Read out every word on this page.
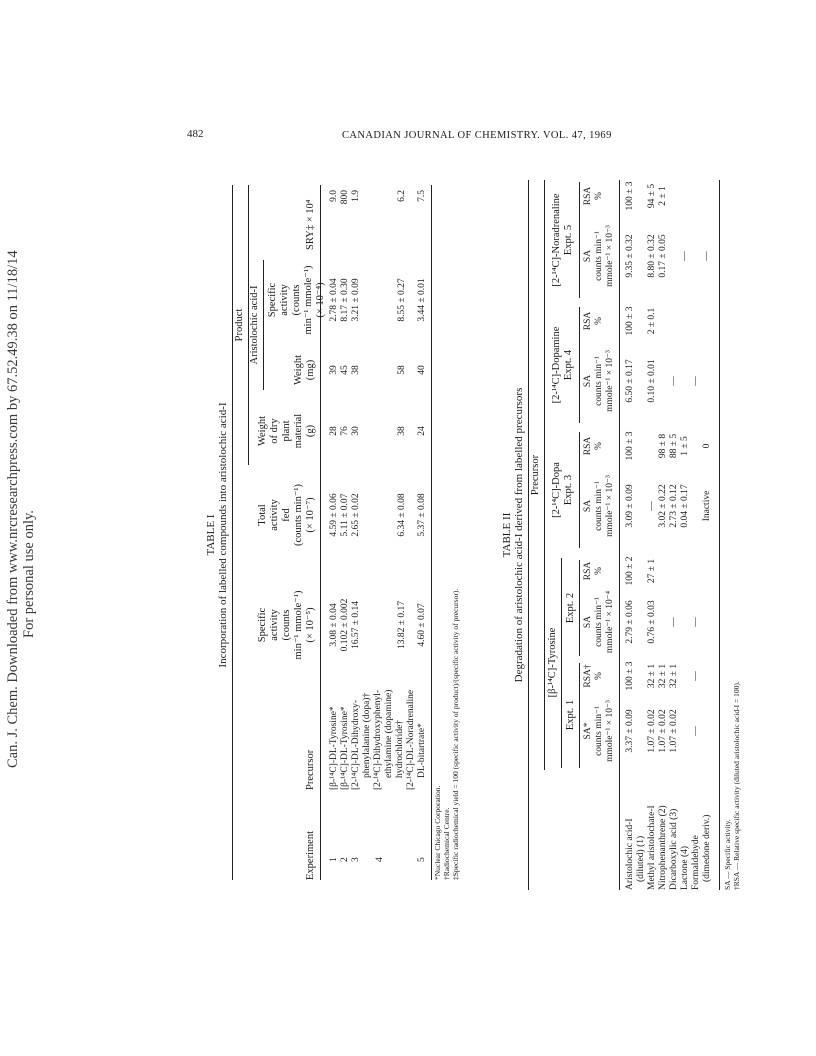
Can. J. Chem. Downloaded from www.nrcresearchpress.com by 67.52.49.38 on 11/18/14 For personal use only.
482	CANADIAN JOURNAL OF CHEMISTRY. VOL. 47, 1969
TABLE I Incorporation of labelled compounds into aristolochic acid-I
Product Aristolochic acid-I
Experiment
Precursor
Specific activity (counts min⁻¹ mmole⁻¹) (× 10⁻⁵)
Total activity fed (counts min⁻¹) (× 10⁻⁷)
Weight of dry plant material (g)
Weight (mg)
Specific activity (counts min⁻¹ mmole⁻¹) (× 10⁻⁴)
SRY‡ × 10⁴
1
[β-¹⁴C]-DL-Tyrosine*
3.08 ± 0.04
4.59 ± 0.06
28
39
2.78 ± 0.04
9.0
2
[β-¹⁴C]-DL-Tyrosine*
0.102 ± 0.002
5.11 ± 0.07
76
45
8.17 ± 0.30
800
3
[2-¹⁴C]-DL-Dihydroxy- phenylalanine (dopa)†
16.57 ± 0.14
2.65 ± 0.02
30
38
3.21 ± 0.09
1.9
4
[2-¹⁴C]-Dihydroxyphenyl- ethylamine (dopamine) hydrochloride†
13.82 ± 0.17
6.34 ± 0.08
38
58
8.55 ± 0.27
6.2
5
[2-¹⁴C]-DL-Noradrenaline DL-bitartrate*
4.60 ± 0.07
5.37 ± 0.08
24
40
3.44 ± 0.01
7.5
*Nuclear Chicago Corporation. †Radiochemical Centre. ‡Specific radiochemical yield = 100 (specific activity of product)/(specific activity of precursor).
TABLE II Degradation of aristolochic acid-I derived from labelled precursors Precursor
[β-¹⁴C]-Tyrosine
Expt. 1
Expt. 2
[2-¹⁴C]-Dopa Expt. 3
[2-¹⁴C]-Dopamine Expt. 4
[2-¹⁴C]-Noradrenaline Expt. 5
SA* counts min⁻¹ mmole⁻¹ × 10⁻³
RSA† %
SA counts min⁻¹ mmole⁻¹ × 10⁻⁴
RSA %
SA counts min⁻¹ mmole⁻¹ × 10⁻³
RSA %
SA counts min⁻¹ mmole⁻¹ × 10⁻³
RSA %
SA counts min⁻¹ mmole⁻¹ × 10⁻³
RSA %
Aristolochic acid-I (diluted) (1) Methyl aristolochate-I Nitrophenanthrene (2) Dicarboxylic acid (3) Lactone (4) Formaldehyde (dimedone deriv.)
3.37 ± 0.09
1.07 ± 0.02 1.07 ± 0.02 1.07 ± 0.02
—
100 ± 3
32 ± 1 32 ± 1 32 ± 1
—
2.79 ± 0.06
0.76 ± 0.03
—
—
100 ± 2
27 ± 1
3.09 ± 0.09
— 3.02 ± 0.22 2.73 ± 0.12 0.04 ± 0.17
Inactive
100 ± 3

98 ± 8 88 ± 5 1 ± 5
0
6.50 ± 0.17
0.10 ± 0.01
—
—
100 ± 3
2 ± 0.1
9.35 ± 0.32
8.80 ± 0.32 0.17 ± 0.05
—
—
100 ± 3
94 ± 5 2 ± 1
SA — Specific activity. †RSA — Relative specific activity (diluted aristolochic acid-I = 100).
